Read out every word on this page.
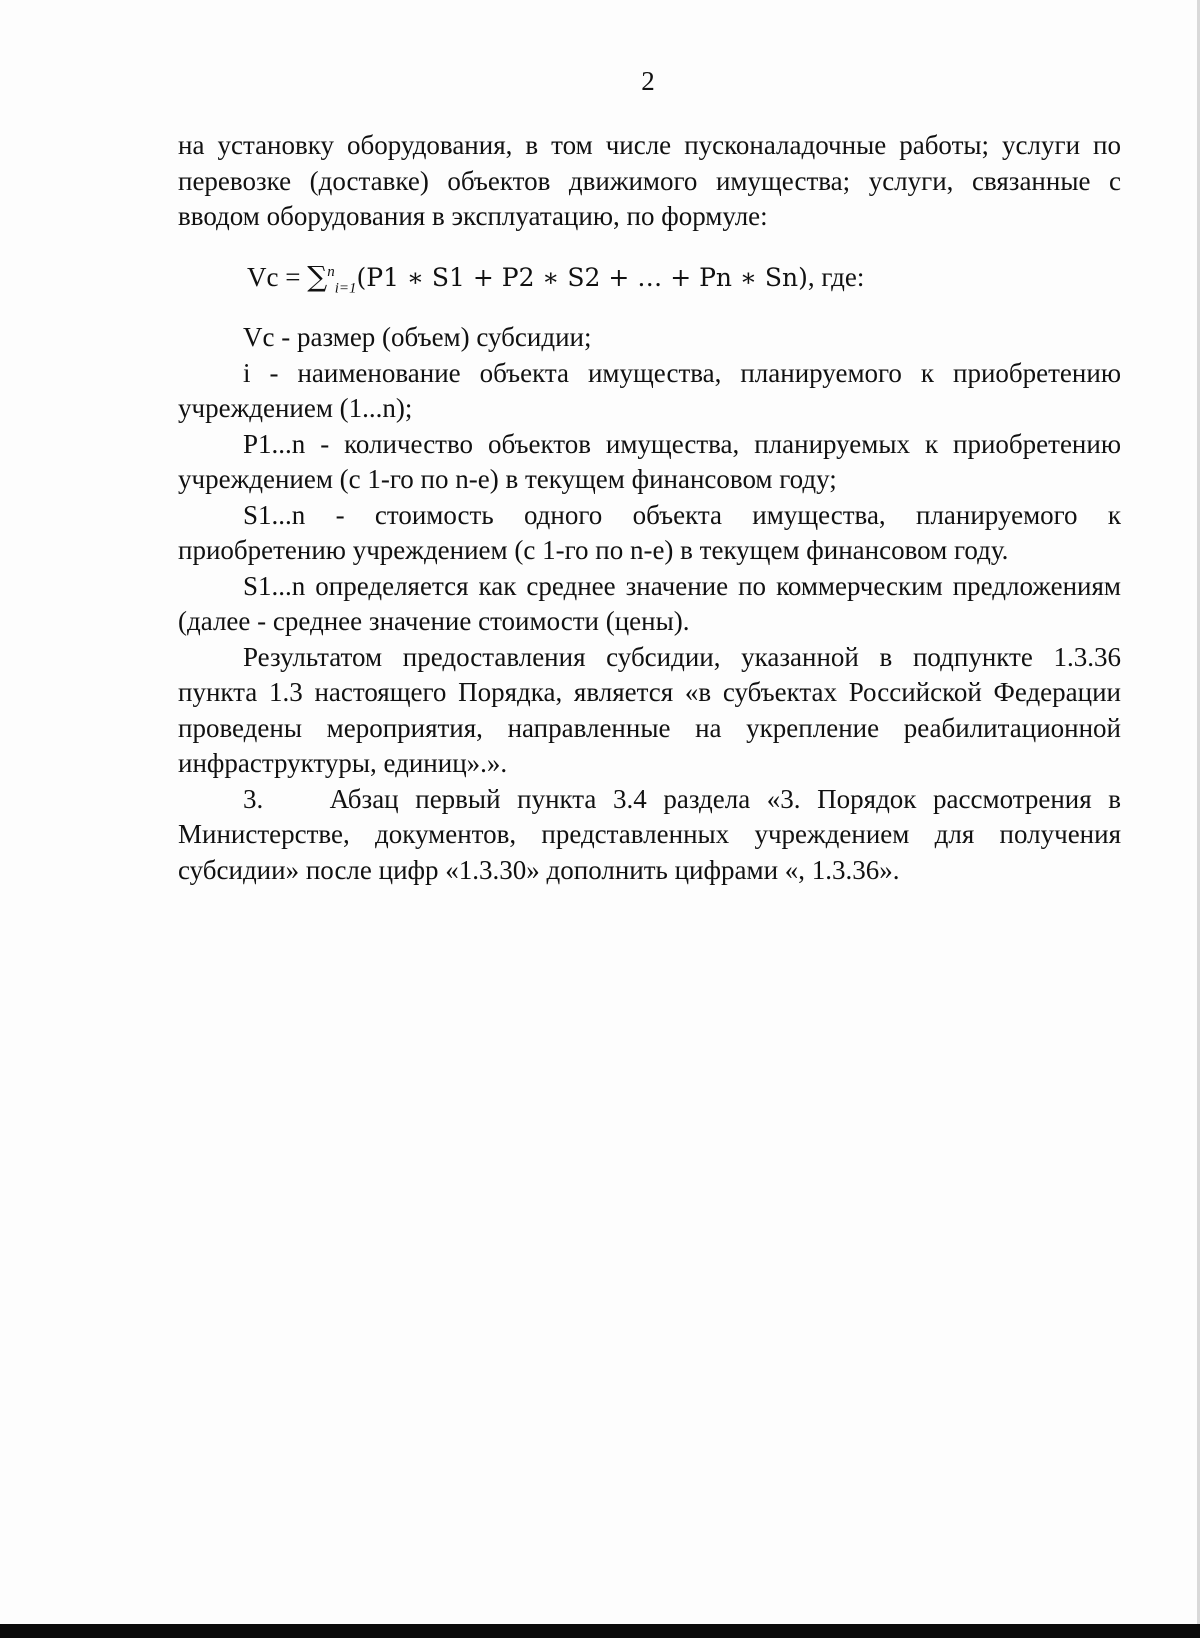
2

на установку оборудования, в том числе пусконаладочные работы; услуги по перевозке (доставке) объектов движимого имущества; услуги, связанные с вводом оборудования в эксплуатацию, по формуле:

Vc = ∑$^n_{i=1}$(P1 ∗ S1 + P2 ∗ S2 + … + Pn ∗ Sn), где:

Vc - размер (объем) субсидии;

i - наименование объекта имущества, планируемого к приобретению учреждением (1...n);

P1...n - количество объектов имущества, планируемых к приобретению учреждением (с 1-го по n-е) в текущем финансовом году;

S1...n - стоимость одного объекта имущества, планируемого к приобретению учреждением (с 1-го по n-е) в текущем финансовом году.

S1...n определяется как среднее значение по коммерческим предложениям (далее - среднее значение стоимости (цены).

Результатом предоставления субсидии, указанной в подпункте 1.3.36 пункта 1.3 настоящего Порядка, является «в субъектах Российской Федерации проведены мероприятия, направленные на укрепление реабилитационной инфраструктуры, единиц».».

3.    Абзац первый пункта 3.4 раздела «3. Порядок рассмотрения в Министерстве, документов, представленных учреждением для получения субсидии» после цифр «1.3.30» дополнить цифрами «, 1.3.36».
